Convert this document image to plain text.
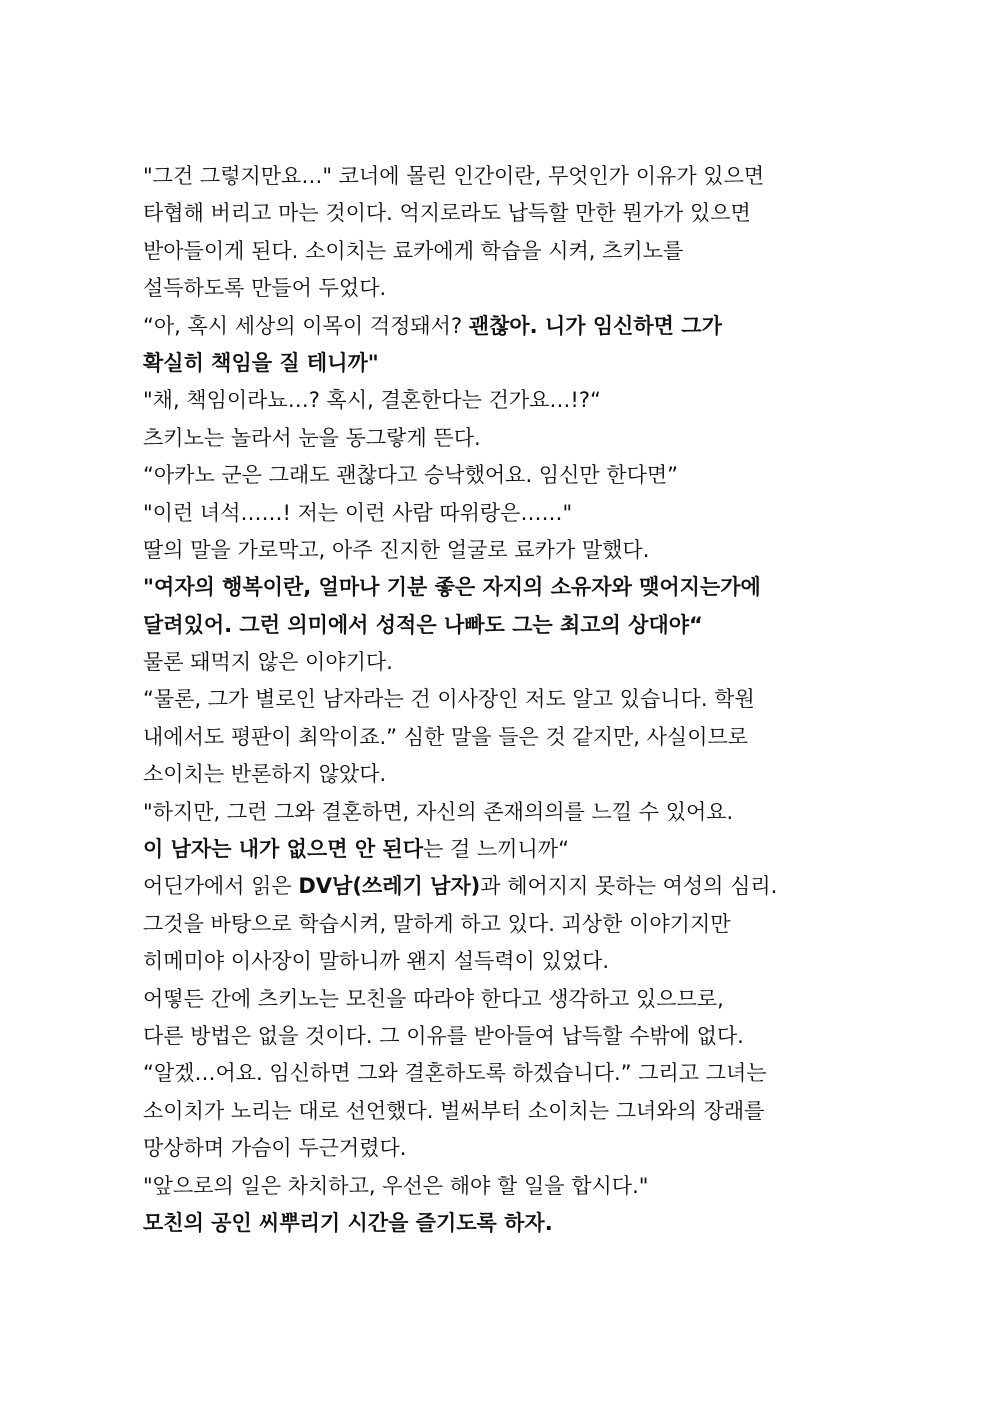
"그건 그렇지만요…" 코너에 몰린 인간이란, 무엇인가 이유가 있으면
타협해 버리고 마는 것이다. 억지로라도 납득할 만한 뭔가가 있으면
받아들이게 된다. 소이치는 료카에게 학습을 시켜, 츠키노를
설득하도록 만들어 두었다.
“아, 혹시 세상의 이목이 걱정돼서? 괜찮아. 니가 임신하면 그가
확실히 책임을 질 테니까"
"채, 책임이라뇨…? 혹시, 결혼한다는 건가요…!?“
츠키노는 놀라서 눈을 동그랗게 뜬다.
“아카노 군은 그래도 괜찮다고 승낙했어요. 임신만 한다면”
"이런 녀석……! 저는 이런 사람 따위랑은……"
딸의 말을 가로막고, 아주 진지한 얼굴로 료카가 말했다.
"여자의 행복이란, 얼마나 기분 좋은 자지의 소유자와 맺어지는가에
달려있어. 그런 의미에서 성적은 나빠도 그는 최고의 상대야“
물론 돼먹지 않은 이야기다.
“물론, 그가 별로인 남자라는 건 이사장인 저도 알고 있습니다. 학원
내에서도 평판이 최악이죠.” 심한 말을 들은 것 같지만, 사실이므로
소이치는 반론하지 않았다.
"하지만, 그런 그와 결혼하면, 자신의 존재의의를 느낄 수 있어요.
이 남자는 내가 없으면 안 된다는 걸 느끼니까“
어딘가에서 읽은 DV남(쓰레기 남자)과 헤어지지 못하는 여성의 심리.
그것을 바탕으로 학습시켜, 말하게 하고 있다. 괴상한 이야기지만
히메미야 이사장이 말하니까 왠지 설득력이 있었다.
어떻든 간에 츠키노는 모친을 따라야 한다고 생각하고 있으므로,
다른 방법은 없을 것이다. 그 이유를 받아들여 납득할 수밖에 없다.
“알겠…어요. 임신하면 그와 결혼하도록 하겠습니다.” 그리고 그녀는
소이치가 노리는 대로 선언했다. 벌써부터 소이치는 그녀와의 장래를
망상하며 가슴이 두근거렸다.
"앞으로의 일은 차치하고, 우선은 해야 할 일을 합시다."
모친의 공인 씨뿌리기 시간을 즐기도록 하자.
